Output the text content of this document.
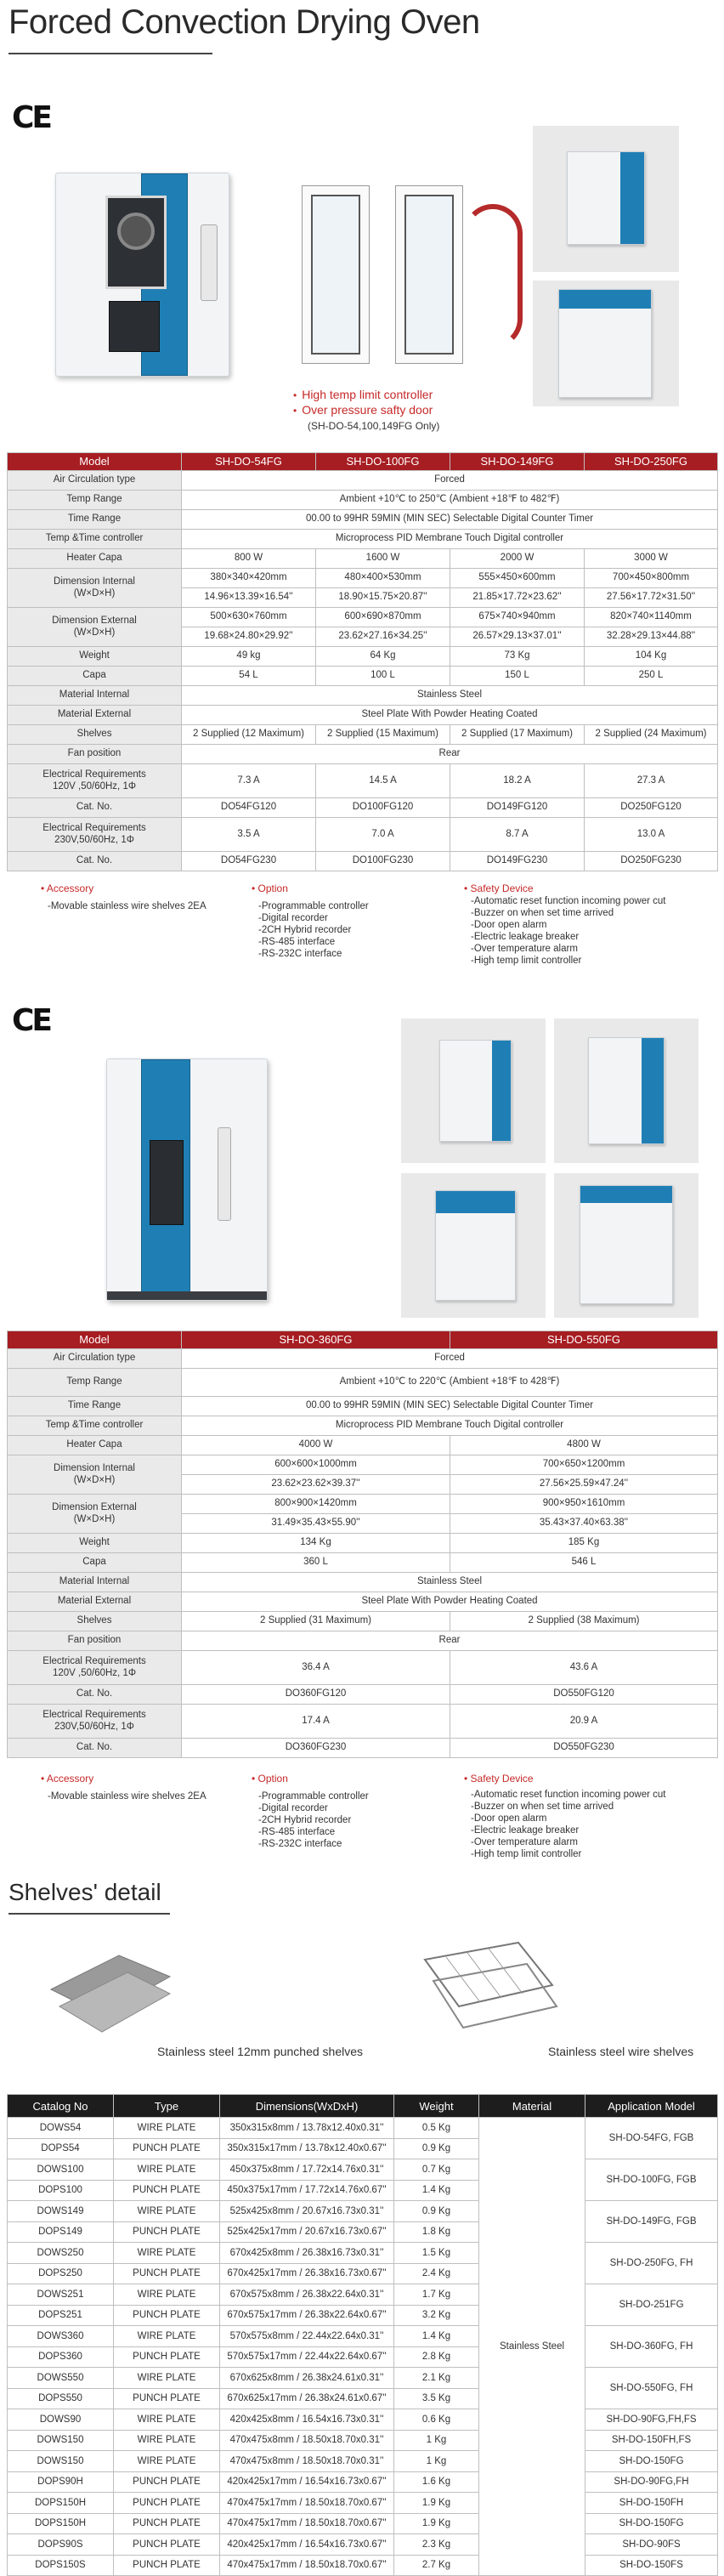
Forced Convection Drying Oven
CE
• High temp limit controller
• Over pressure safty door
(SH-DO-54,100,149FG Only)
Model	SH-DO-54FG	SH-DO-100FG	SH-DO-149FG	SH-DO-250FG
Air Circulation type	Forced			
Temp Range	Ambient +10℃ to 250℃ (Ambient +18℉ to 482℉)			
Time Range	00.00 to 99HR 59MIN (MIN SEC) Selectable Digital Counter Timer			
Temp &Time controller	Microprocess PID Membrane Touch Digital controller			
Heater Capa	800 W	1600 W	2000 W	3000 W
Dimension Internal
(W×D×H)	380×340×420mm	480×400×530mm	555×450×600mm	700×450×800mm
	14.96×13.39×16.54''	18.90×15.75×20.87''	21.85×17.72×23.62''	27.56×17.72×31.50''
Dimension External
(W×D×H)	500×630×760mm	600×690×870mm	675×740×940mm	820×740×1140mm
	19.68×24.80×29.92''	23.62×27.16×34.25''	26.57×29.13×37.01''	32.28×29.13×44.88''
Weight	49 kg	64 Kg	73 Kg	104 Kg
Capa	54 L	100 L	150 L	250 L
Material Internal	Stainless Steel			
Material External	Steel Plate With Powder Heating Coated			
Shelves	2 Supplied (12 Maximum)	2 Supplied (15 Maximum)	2 Supplied (17 Maximum)	2 Supplied (24 Maximum)
Fan position	Rear			
Electrical Requirements
120V ,50/60Hz, 1Φ	7.3 A	14.5 A	18.2 A	27.3 A
Cat. No.	DO54FG120	DO100FG120	DO149FG120	DO250FG120
Electrical Requirements
230V,50/60Hz, 1Φ	3.5 A	7.0 A	8.7 A	13.0 A
Cat. No.	DO54FG230	DO100FG230	DO149FG230	DO250FG230
• Accessory
-Movable stainless wire shelves 2EA
• Option
-Programmable controller
-Digital recorder
-2CH Hybrid recorder
-RS-485 interface
-RS-232C interface
• Safety Device
-Automatic reset function incoming power cut
-Buzzer on when set time arrived
-Door open alarm
-Electric leakage breaker
-Over temperature alarm
-High temp limit controller
CE
Model	SH-DO-360FG	SH-DO-550FG
Air Circulation type	Forced	
Temp Range	Ambient +10℃ to 220℃ (Ambient +18℉ to 428℉)	
Time Range	00.00 to 99HR 59MIN (MIN SEC) Selectable Digital Counter Timer	
Temp &Time controller	Microprocess PID Membrane Touch Digital controller	
Heater Capa	4000 W	4800 W
Dimension Internal
(W×D×H)	600×600×1000mm	700×650×1200mm
	23.62×23.62×39.37''	27.56×25.59×47.24''
Dimension External
(W×D×H)	800×900×1420mm	900×950×1610mm
	31.49×35.43×55.90''	35.43×37.40×63.38''
Weight	134 Kg	185 Kg
Capa	360 L	546 L
Material Internal	Stainless Steel	
Material External	Steel Plate With Powder Heating Coated	
Shelves	2 Supplied (31 Maximum)	2 Supplied (38 Maximum)
Fan position	Rear	
Electrical Requirements
120V ,50/60Hz, 1Φ	36.4 A	43.6 A
Cat. No.	DO360FG120	DO550FG120
Electrical Requirements
230V,50/60Hz, 1Φ	17.4 A	20.9 A
Cat. No.	DO360FG230	DO550FG230
• Accessory
-Movable stainless wire shelves 2EA
• Option
-Programmable controller
-Digital recorder
-2CH Hybrid recorder
-RS-485 interface
-RS-232C interface
• Safety Device
-Automatic reset function incoming power cut
-Buzzer on when set time arrived
-Door open alarm
-Electric leakage breaker
-Over temperature alarm
-High temp limit controller
Shelves' detail
Stainless steel 12mm punched shelves	Stainless steel wire shelves
Catalog No	Type	Dimensions(WxDxH)	Weight	Material	Application Model
DOWS54	WIRE PLATE	350x315x8mm / 13.78x12.40x0.31''	0.5 Kg	Stainless Steel	SH-DO-54FG, FGB
DOPS54	PUNCH PLATE	350x315x17mm / 13.78x12.40x0.67''	0.9 Kg		
DOWS100	WIRE PLATE	450x375x8mm / 17.72x14.76x0.31''	0.7 Kg		SH-DO-100FG, FGB
DOPS100	PUNCH PLATE	450x375x17mm / 17.72x14.76x0.67''	1.4 Kg		
DOWS149	WIRE PLATE	525x425x8mm / 20.67x16.73x0.31''	0.9 Kg		SH-DO-149FG, FGB
DOPS149	PUNCH PLATE	525x425x17mm / 20.67x16.73x0.67''	1.8 Kg		
DOWS250	WIRE PLATE	670x425x8mm / 26.38x16.73x0.31''	1.5 Kg		SH-DO-250FG, FH
DOPS250	PUNCH PLATE	670x425x17mm / 26.38x16.73x0.67''	2.4 Kg		
DOWS251	WIRE PLATE	670x575x8mm / 26.38x22.64x0.31''	1.7 Kg		SH-DO-251FG
DOPS251	PUNCH PLATE	670x575x17mm / 26.38x22.64x0.67''	3.2 Kg		
DOWS360	WIRE PLATE	570x575x8mm / 22.44x22.64x0.31''	1.4 Kg		SH-DO-360FG, FH
DOPS360	PUNCH PLATE	570x575x17mm / 22.44x22.64x0.67''	2.8 Kg		
DOWS550	WIRE PLATE	670x625x8mm / 26.38x24.61x0.31''	2.1 Kg		SH-DO-550FG, FH
DOPS550	PUNCH PLATE	670x625x17mm / 26.38x24.61x0.67''	3.5 Kg		
DOWS90	WIRE PLATE	420x425x8mm / 16.54x16.73x0.31''	0.6 Kg		SH-DO-90FG,FH,FS
DOWS150	WIRE PLATE	470x475x8mm / 18.50x18.70x0.31''	1 Kg		SH-DO-150FH,FS
DOWS150	WIRE PLATE	470x475x8mm / 18.50x18.70x0.31''	1 Kg		SH-DO-150FG
DOPS90H	PUNCH PLATE	420x425x17mm / 16.54x16.73x0.67''	1.6 Kg		SH-DO-90FG,FH
DOPS150H	PUNCH PLATE	470x475x17mm / 18.50x18.70x0.67''	1.9 Kg		SH-DO-150FH
DOPS150H	PUNCH PLATE	470x475x17mm / 18.50x18.70x0.67''	1.9 Kg		SH-DO-150FG
DOPS90S	PUNCH PLATE	420x425x17mm / 16.54x16.73x0.67''	2.3 Kg		SH-DO-90FS
DOPS150S	PUNCH PLATE	470x475x17mm / 18.50x18.70x0.67''	2.7 Kg		SH-DO-150FS
